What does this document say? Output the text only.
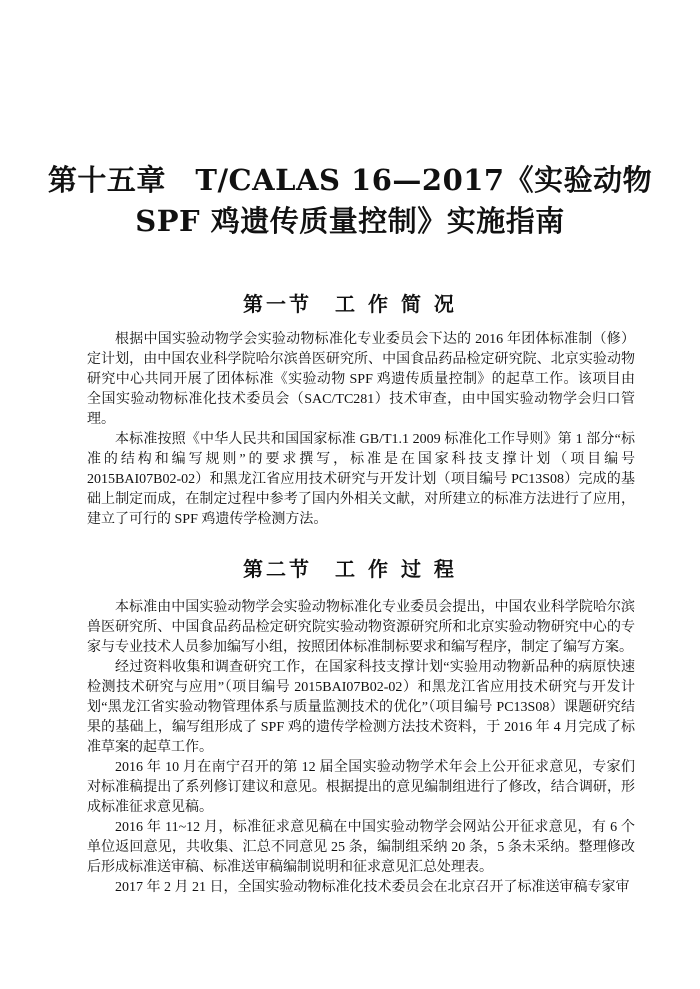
第十五章　T/CALAS 16—2017《实验动物
SPF 鸡遗传质量控制》实施指南
第一节　工 作 简 况

根据中国实验动物学会实验动物标准化专业委员会下达的 2016 年团体标准制（修）定计划，由中国农业科学院哈尔滨兽医研究所、中国食品药品检定研究院、北京实验动物研究中心共同开展了团体标准《实验动物 SPF 鸡遗传质量控制》的起草工作。该项目由全国实验动物标准化技术委员会（SAC/TC281）技术审查，由中国实验动物学会归口管理。

本标准按照《中华人民共和国国家标准 GB/T1.1 2009 标准化工作导则》第 1 部分“标准的结构和编写规则”的要求撰写，标准是在国家科技支撑计划（项目编号 2015BAI07B02-02）和黑龙江省应用技术研究与开发计划（项目编号 PC13S08）完成的基础上制定而成，在制定过程中参考了国内外相关文献，对所建立的标准方法进行了应用，建立了可行的 SPF 鸡遗传学检测方法。

第二节　工 作 过 程

本标准由中国实验动物学会实验动物标准化专业委员会提出，中国农业科学院哈尔滨兽医研究所、中国食品药品检定研究院实验动物资源研究所和北京实验动物研究中心的专家与专业技术人员参加编写小组，按照团体标准制标要求和编写程序，制定了编写方案。

经过资料收集和调查研究工作，在国家科技支撑计划“实验用动物新品种的病原快速检测技术研究与应用”（项目编号 2015BAI07B02-02）和黑龙江省应用技术研究与开发计划“黑龙江省实验动物管理体系与质量监测技术的优化”（项目编号 PC13S08）课题研究结果的基础上，编写组形成了 SPF 鸡的遗传学检测方法技术资料，于 2016 年 4 月完成了标准草案的起草工作。

2016 年 10 月在南宁召开的第 12 届全国实验动物学术年会上公开征求意见，专家们对标准稿提出了系列修订建议和意见。根据提出的意见编制组进行了修改，结合调研，形成标准征求意见稿。

2016 年 11~12 月，标准征求意见稿在中国实验动物学会网站公开征求意见，有 6 个单位返回意见，共收集、汇总不同意见 25 条，编制组采纳 20 条，5 条未采纳。整理修改后形成标准送审稿、标准送审稿编制说明和征求意见汇总处理表。

2017 年 2 月 21 日，全国实验动物标准化技术委员会在北京召开了标准送审稿专家审
